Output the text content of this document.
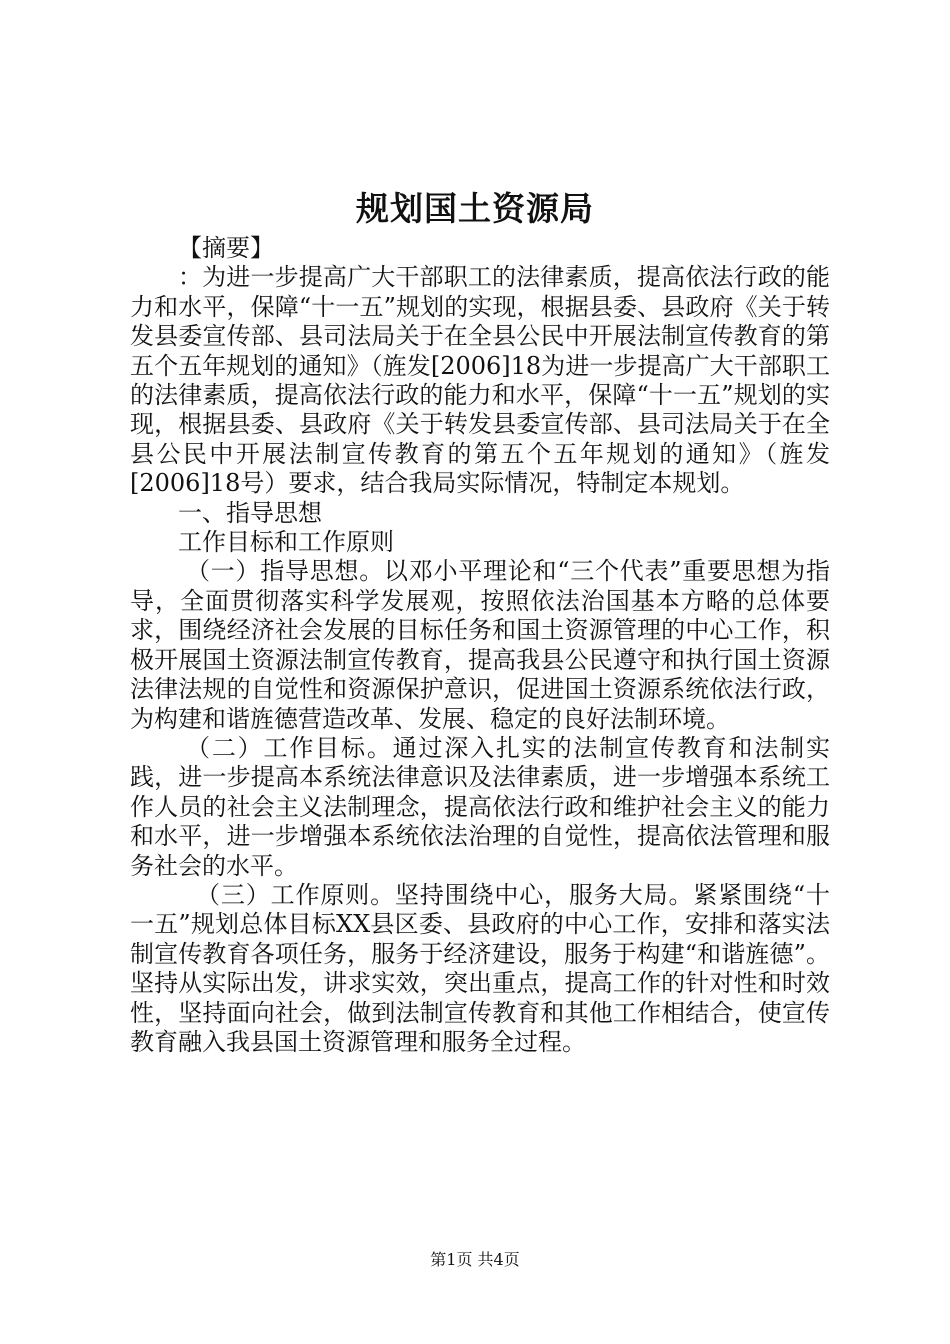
规划国土资源局

【摘要】

：为进一步提高广大干部职工的法律素质，提高依法行政的能力和水平，保障“十一五”规划的实现，根据县委、县政府《关于转发县委宣传部、县司法局关于在全县公民中开展法制宣传教育的第五个五年规划的通知》（旌发[2006]18为进一步提高广大干部职工的法律素质，提高依法行政的能力和水平，保障“十一五”规划的实现，根据县委、县政府《关于转发县委宣传部、县司法局关于在全县公民中开展法制宣传教育的第五个五年规划的通知》（旌发[2006]18号）要求，结合我局实际情况，特制定本规划。

一、指导思想

工作目标和工作原则

（一）指导思想。以邓小平理论和“三个代表”重要思想为指导，全面贯彻落实科学发展观，按照依法治国基本方略的总体要求，围绕经济社会发展的目标任务和国土资源管理的中心工作，积极开展国土资源法制宣传教育，提高我县公民遵守和执行国土资源法律法规的自觉性和资源保护意识，促进国土资源系统依法行政，为构建和谐旌德营造改革、发展、稳定的良好法制环境。

（二）工作目标。通过深入扎实的法制宣传教育和法制实践，进一步提高本系统法律意识及法律素质，进一步增强本系统工作人员的社会主义法制理念，提高依法行政和维护社会主义的能力和水平，进一步增强本系统依法治理的自觉性，提高依法管理和服务社会的水平。

（三）工作原则。坚持围绕中心，服务大局。紧紧围绕“十一五”规划总体目标XX县区委、县政府的中心工作，安排和落实法制宣传教育各项任务，服务于经济建设，服务于构建“和谐旌德”。坚持从实际出发，讲求实效，突出重点，提高工作的针对性和时效性，坚持面向社会，做到法制宣传教育和其他工作相结合，使宣传教育融入我县国土资源管理和服务全过程。

第1页 共4页
